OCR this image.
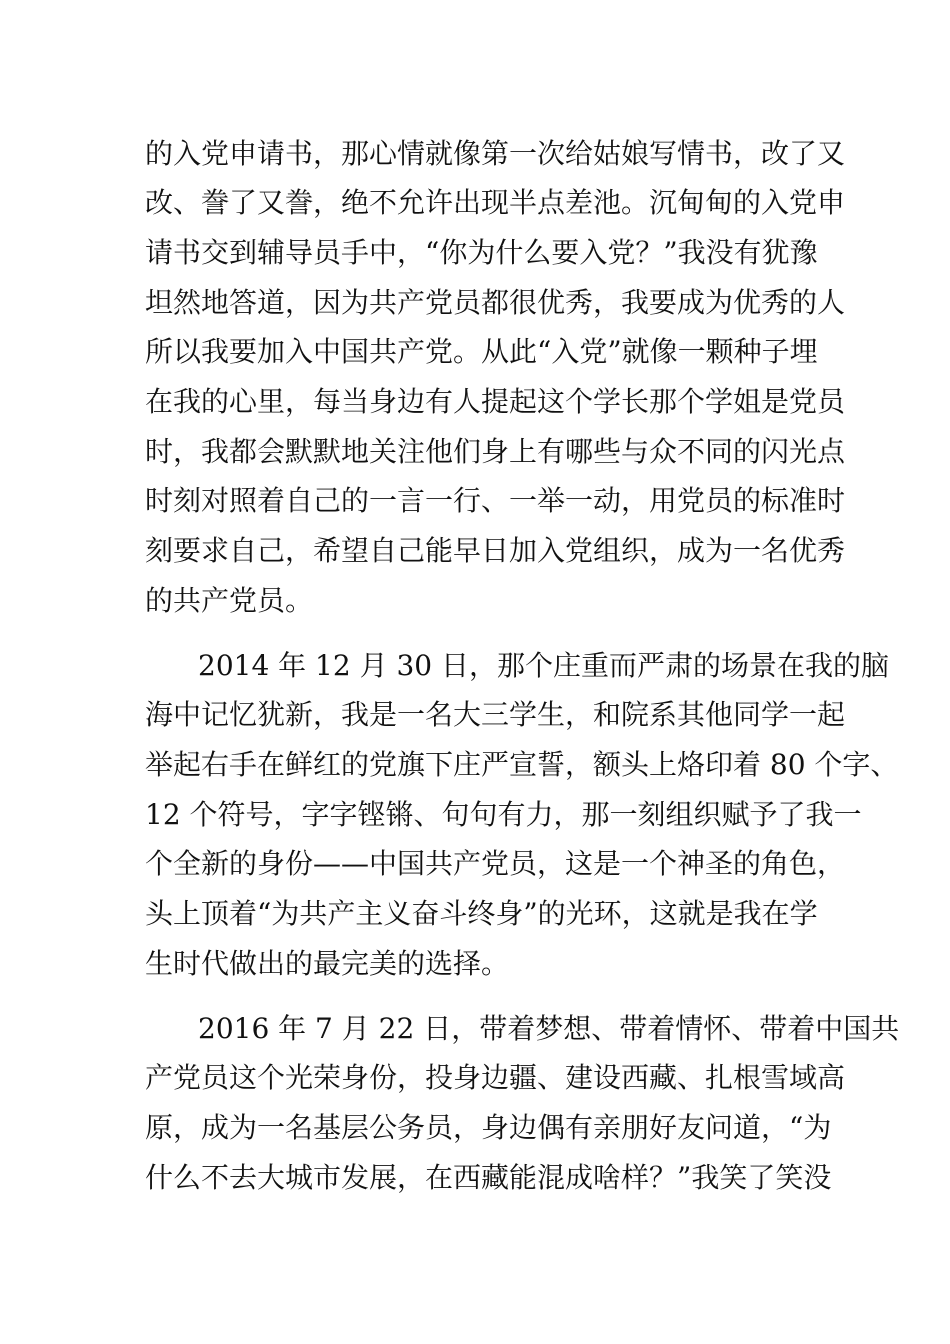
的入党申请书，那心情就像第一次给姑娘写情书，改了又

改、誊了又誊，绝不允许出现半点差池。沉甸甸的入党申

请书交到辅导员手中，“你为什么要入党？”我没有犹豫

坦然地答道，因为共产党员都很优秀，我要成为优秀的人

所以我要加入中国共产党。从此“入党”就像一颗种子埋

在我的心里，每当身边有人提起这个学长那个学姐是党员

时，我都会默默地关注他们身上有哪些与众不同的闪光点

时刻对照着自己的一言一行、一举一动，用党员的标准时

刻要求自己，希望自己能早日加入党组织，成为一名优秀

的共产党员。

2014 年 12 月 30 日，那个庄重而严肃的场景在我的脑

海中记忆犹新，我是一名大三学生，和院系其他同学一起

举起右手在鲜红的党旗下庄严宣誓，额头上烙印着 80 个字、

12 个符号，字字铿锵、句句有力，那一刻组织赋予了我一

个全新的身份——中国共产党员，这是一个神圣的角色，

头上顶着“为共产主义奋斗终身”的光环，这就是我在学

生时代做出的最完美的选择。

2016 年 7 月 22 日，带着梦想、带着情怀、带着中国共

产党员这个光荣身份，投身边疆、建设西藏、扎根雪域高

原，成为一名基层公务员，身边偶有亲朋好友问道，“为

什么不去大城市发展，在西藏能混成啥样？”我笑了笑没
